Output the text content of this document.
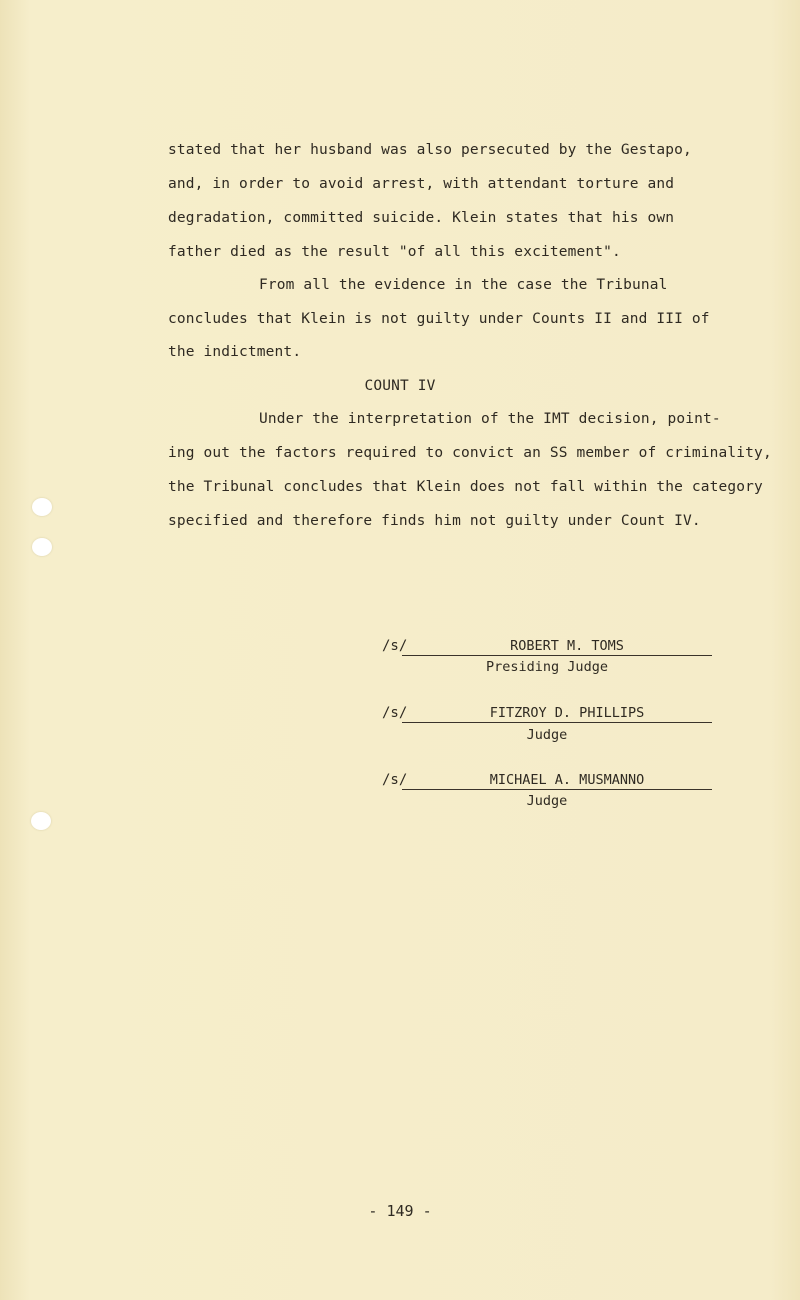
stated that her husband was also persecuted by the Gestapo,
and, in order to avoid arrest, with attendant torture and
degradation, committed suicide. Klein states that his own
father died as the result "of all this excitement".
From all the evidence in the case the Tribunal
concludes that Klein is not guilty under Counts II and III of
the indictment.
COUNT IV
Under the interpretation of the IMT decision, point-
ing out the factors required to convict an SS member of criminality,
the Tribunal concludes that Klein does not fall within the category
specified and therefore finds him not guilty under Count IV.
/s/	ROBERT M. TOMS
Presiding Judge
/s/	FITZROY D. PHILLIPS
Judge
/s/	MICHAEL A. MUSMANNO
Judge
- 149 -
